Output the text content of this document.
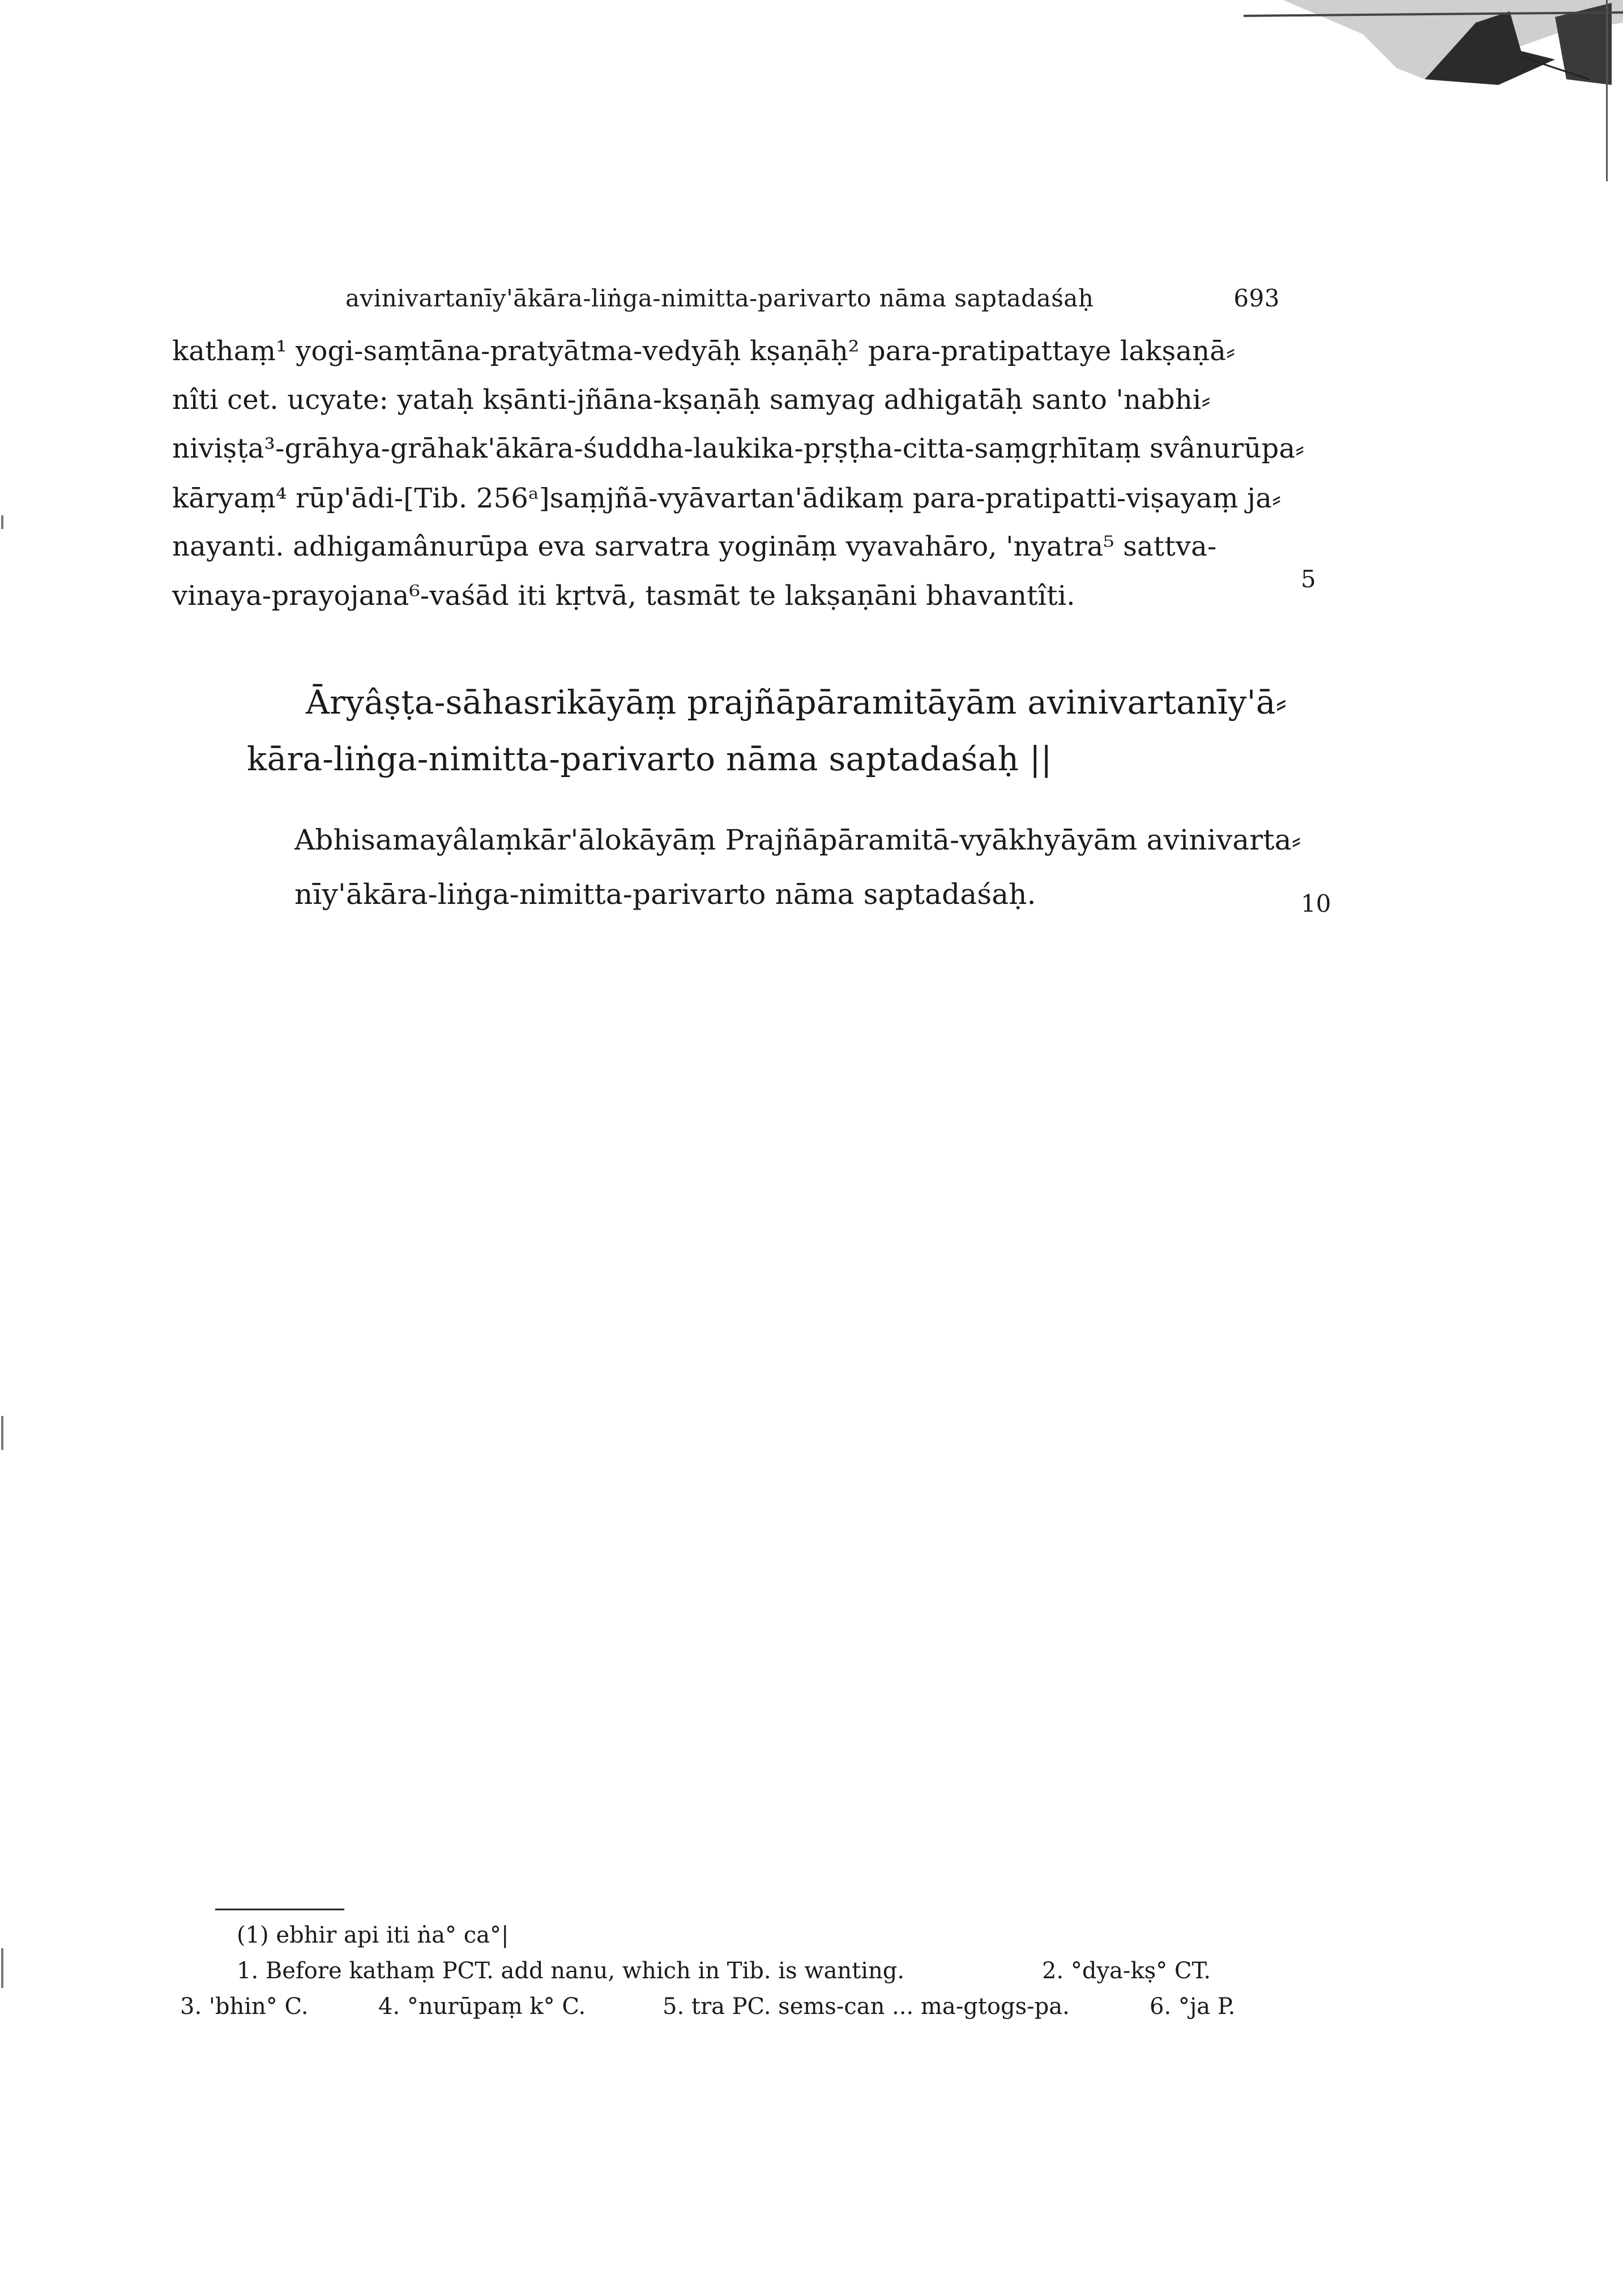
avinivartanīy'ākāra-liṅga-nimitta-parivarto nāma saptadaśaḥ	693
kathaṃ¹ yogi-saṃtāna-pratyātma-vedyāḥ kṣaṇāḥ² para-pratipattaye lakṣaṇā⸗
nîti cet. ucyate: yataḥ kṣānti-jñāna-kṣaṇāḥ samyag adhigatāḥ santo 'nabhi⸗
niviṣṭa³-grāhya-grāhak'ākāra-śuddha-laukika-pṛṣṭha-citta-saṃgṛhītaṃ svânurūpa⸗
kāryaṃ⁴ rūp'ādi-[Tib. 256ᵃ]saṃjñā-vyāvartan'ādikaṃ para-pratipatti-viṣayaṃ ja⸗
nayanti. adhigamânurūpa eva sarvatra yogināṃ vyavahāro, 'nyatra⁵ sattva-
vinaya-prayojana⁶-vaśād iti kṛtvā, tasmāt te lakṣaṇāni bhavantîti.
5
Āryâṣṭa-sāhasrikāyāṃ prajñāpāramitāyām avinivartanīy'ā⸗
kāra-liṅga-nimitta-parivarto nāma saptadaśaḥ ||
Abhisamayâlaṃkār'ālokāyāṃ Prajñāpāramitā-vyākhyāyām avinivarta⸗
nīy'ākāra-liṅga-nimitta-parivarto nāma saptadaśaḥ.	10
(1) ebhir api iti ṅa° ca°|
1. Before kathaṃ PCT. add nanu, which in Tib. is wanting.	2. °dya-kṣ° CT.
3. 'bhin° C.	4. °nurūpaṃ k° C.	5. tra PC. sems-can ... ma-gtogs-pa.	6. °ja P.
